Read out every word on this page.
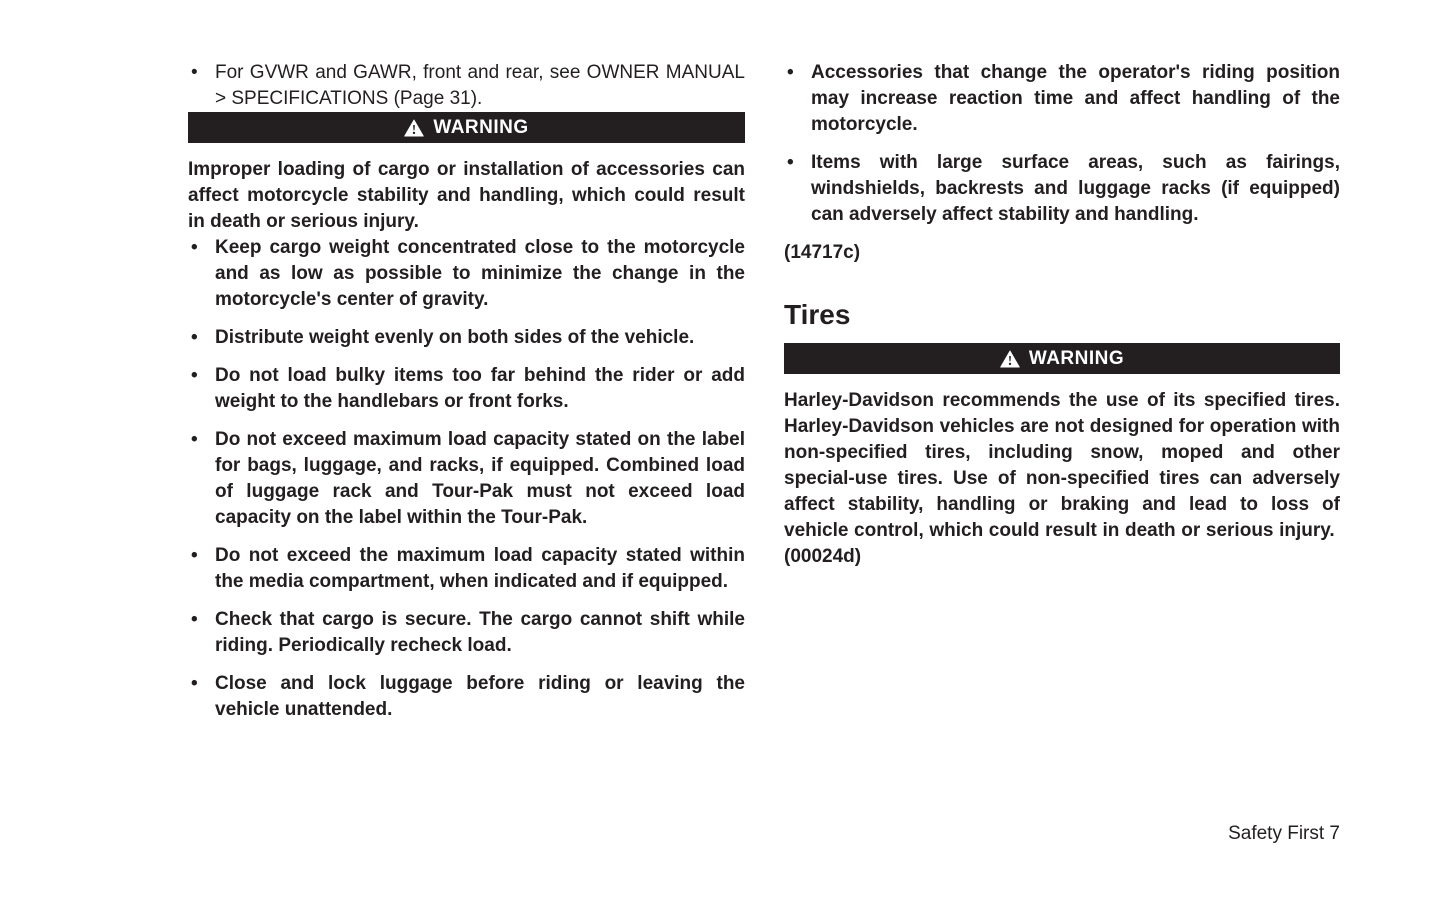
• For GVWR and GAWR, front and rear, see OWNER MANUAL > SPECIFICATIONS (Page 31).
WARNING

Improper loading of cargo or installation of accessories can affect motorcycle stability and handling, which could result in death or serious injury.

• Keep cargo weight concentrated close to the motorcycle and as low as possible to minimize the change in the motorcycle's center of gravity.
• Distribute weight evenly on both sides of the vehicle.
• Do not load bulky items too far behind the rider or add weight to the handlebars or front forks.
• Do not exceed maximum load capacity stated on the label for bags, luggage, and racks, if equipped. Combined load of luggage rack and Tour-Pak must not exceed load capacity on the label within the Tour-Pak.
• Do not exceed the maximum load capacity stated within the media compartment, when indicated and if equipped.
• Check that cargo is secure. The cargo cannot shift while riding. Periodically recheck load.
• Close and lock luggage before riding or leaving the vehicle unattended.
• Accessories that change the operator's riding position may increase reaction time and affect handling of the motorcycle.
• Items with large surface areas, such as fairings, windshields, backrests and luggage racks (if equipped) can adversely affect stability and handling.

(14717c)

Tires
WARNING

Harley-Davidson recommends the use of its specified tires. Harley-Davidson vehicles are not designed for operation with non-specified tires, including snow, moped and other special-use tires. Use of non-specified tires can adversely affect stability, handling or braking and lead to loss of vehicle control, which could result in death or serious injury.  (00024d)

Safety First 7
